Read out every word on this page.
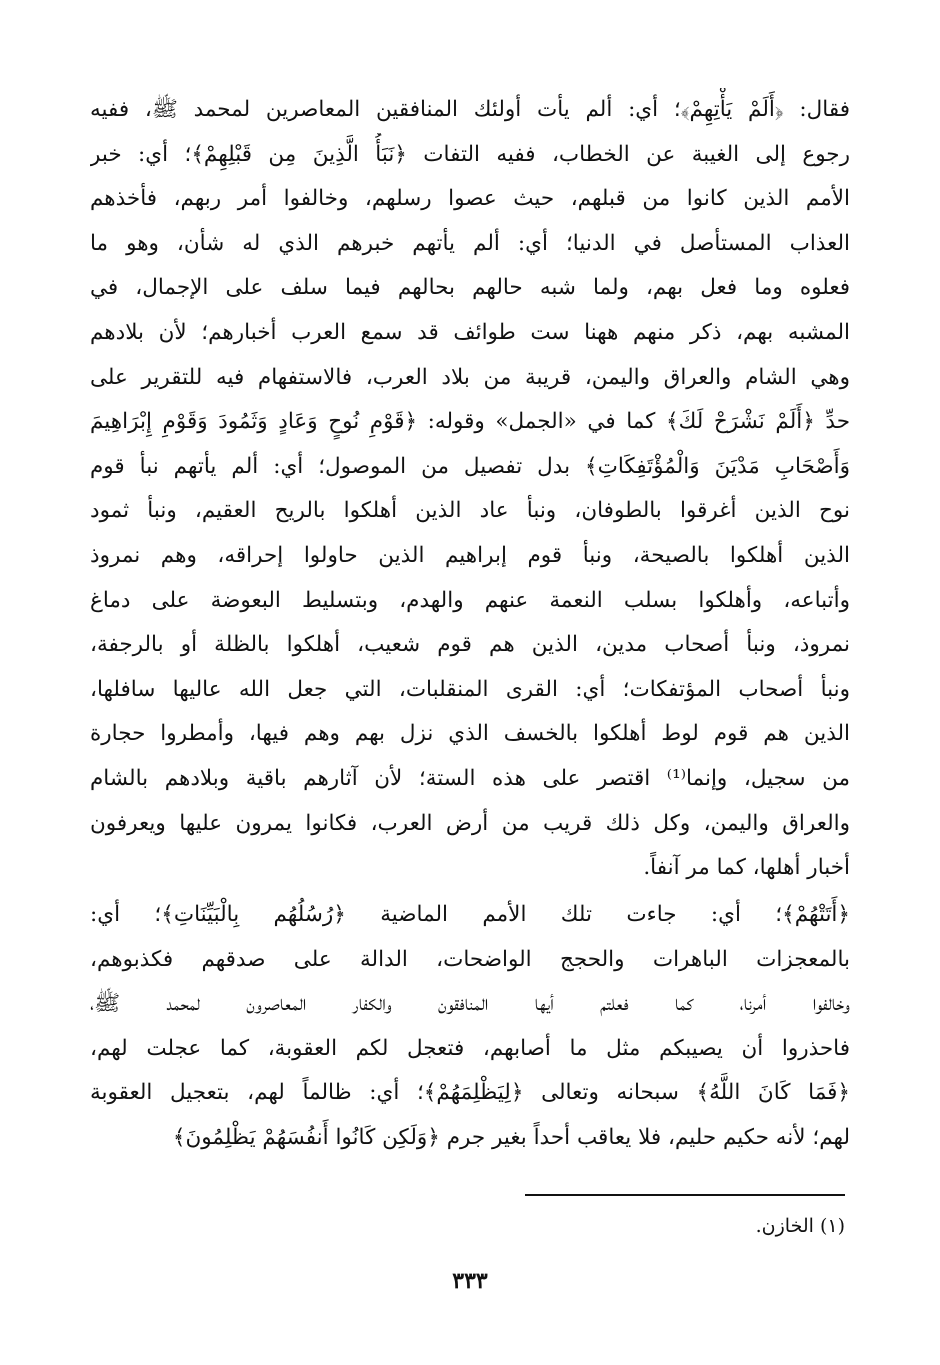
فقال: ﴿أَلَمْ يَأْتِهِمْ﴾؛ أي: ألم يأت أولئك المنافقين المعاصرين لمحمد ﷺ، ففيه
رجوع إلى الغيبة عن الخطاب، ففيه التفات ﴿نَبَأُ الَّذِينَ مِن قَبْلِهِمْ﴾؛ أي: خبر
الأمم الذين كانوا من قبلهم، حيث عصوا رسلهم، وخالفوا أمر ربهم، فأخذهم
العذاب المستأصل في الدنيا؛ أي: ألم يأتهم خبرهم الذي له شأن، وهو ما
فعلوه وما فعل بهم، ولما شبه حالهم بحالهم فيما سلف على الإجمال، في
المشبه بهم، ذكر منهم ههنا ست طوائف قد سمع العرب أخبارهم؛ لأن بلادهم
وهي الشام والعراق واليمن، قريبة من بلاد العرب، فالاستفهام فيه للتقرير على
حدِّ ﴿أَلَمْ نَشْرَحْ لَكَ﴾ كما في «الجمل» وقوله: ﴿قَوْمِ نُوحٍ وَعَادٍ وَثَمُودَ وَقَوْمِ إِبْرَاهِيمَ
وَأَصْحَابِ مَدْيَنَ وَالْمُؤْتَفِكَاتِ﴾ بدل تفصيل من الموصول؛ أي: ألم يأتهم نبأ قوم
نوح الذين أغرقوا بالطوفان، ونبأ عاد الذين أهلكوا بالريح العقيم، ونبأ ثمود
الذين أهلكوا بالصيحة، ونبأ قوم إبراهيم الذين حاولوا إحراقه، وهم نمروذ
وأتباعه، وأهلكوا بسلب النعمة عنهم والهدم، وبتسليط البعوضة على دماغ
نمروذ، ونبأ أصحاب مدين، الذين هم قوم شعيب، أهلكوا بالظلة أو بالرجفة،
ونبأ أصحاب المؤتفكات؛ أي: القرى المنقلبات، التي جعل الله عاليها سافلها،
الذين هم قوم لوط أهلكوا بالخسف الذي نزل بهم وهم فيها، وأمطروا حجارة
من سجيل، وإنما⁽¹⁾ اقتصر على هذه الستة؛ لأن آثارهم باقية وبلادهم بالشام
والعراق واليمن، وكل ذلك قريب من أرض العرب، فكانوا يمرون عليها ويعرفون
أخبار أهلها، كما مر آنفاً.
﴿أَتَتْهُمْ﴾؛ أي: جاءت تلك الأمم الماضية ﴿رُسُلُهُم بِالْبَيِّنَاتِ﴾؛ أي:
بالمعجزات الباهرات والحجج الواضحات، الدالة على صدقهم فكذبوهم،
وخالفوا أمرنا، كما فعلتم أيها المنافقون والكفار المعاصرون لمحمد ﷺ،
فاحذروا أن يصيبكم مثل ما أصابهم، فتعجل لكم العقوبة، كما عجلت لهم،
﴿فَمَا كَانَ اللَّهُ﴾ سبحانه وتعالى ﴿لِيَظْلِمَهُمْ﴾؛ أي: ظالماً لهم، بتعجيل العقوبة
لهم؛ لأنه حكيم حليم، فلا يعاقب أحداً بغير جرم ﴿وَلَكِن كَانُوا أَنفُسَهُمْ يَظْلِمُونَ﴾
(١) الخازن.
٣٣٣
